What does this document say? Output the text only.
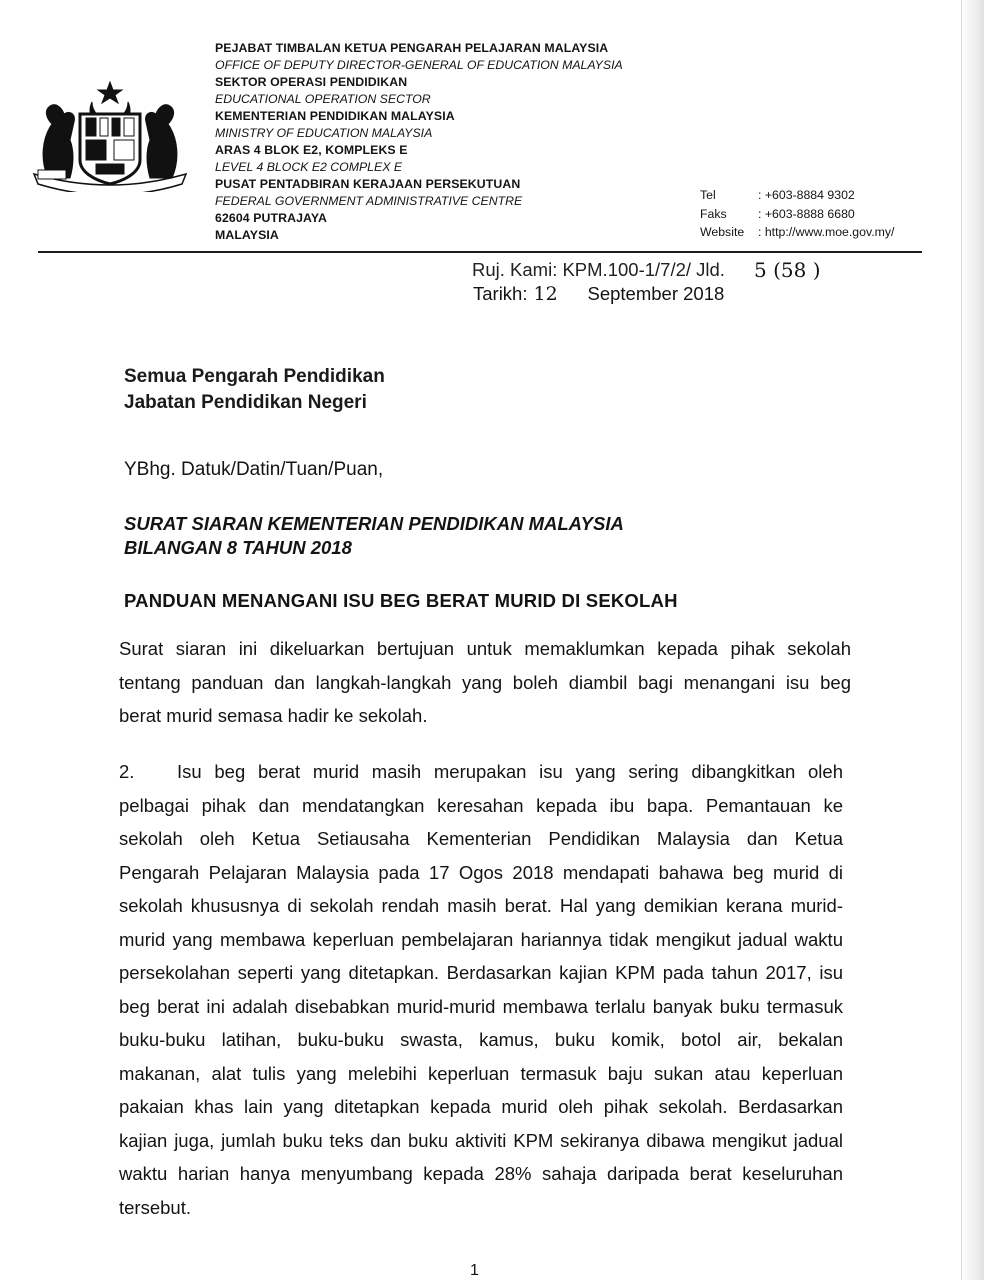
PEJABAT TIMBALAN KETUA PENGARAH PELAJARAN MALAYSIA
OFFICE OF DEPUTY DIRECTOR-GENERAL OF EDUCATION MALAYSIA
SEKTOR OPERASI PENDIDIKAN
EDUCATIONAL OPERATION SECTOR
KEMENTERIAN PENDIDIKAN MALAYSIA
MINISTRY OF EDUCATION MALAYSIA
ARAS 4 BLOK E2, KOMPLEKS E
LEVEL 4 BLOCK E2 COMPLEX E
PUSAT PENTADBIRAN KERAJAAN PERSEKUTUAN
FEDERAL GOVERNMENT ADMINISTRATIVE CENTRE
62604 PUTRAJAYA
MALAYSIA
Tel	: +603-8884 9302
Faks	: +603-8888 6680
Website	: http://www.moe.gov.my/
Ruj. Kami: KPM.100-1/7/2/ Jld. 5 (58 )
Tarikh: 12 September 2018
Semua Pengarah Pendidikan
Jabatan Pendidikan Negeri
YBhg. Datuk/Datin/Tuan/Puan,
SURAT SIARAN KEMENTERIAN PENDIDIKAN MALAYSIA
BILANGAN 8 TAHUN 2018
PANDUAN MENANGANI ISU BEG BERAT MURID DI SEKOLAH
Surat siaran ini dikeluarkan bertujuan untuk memaklumkan kepada pihak sekolah
tentang panduan dan langkah-langkah yang boleh diambil bagi menangani isu beg
berat murid semasa hadir ke sekolah.
2.	Isu beg berat murid masih merupakan isu yang sering dibangkitkan oleh
pelbagai pihak dan mendatangkan keresahan kepada ibu bapa. Pemantauan ke
sekolah oleh Ketua Setiausaha Kementerian Pendidikan Malaysia dan Ketua
Pengarah Pelajaran Malaysia pada 17 Ogos 2018 mendapati bahawa beg murid di
sekolah khususnya di sekolah rendah masih berat. Hal yang demikian kerana murid-
murid yang membawa keperluan pembelajaran hariannya tidak mengikut jadual waktu
persekolahan seperti yang ditetapkan. Berdasarkan kajian KPM pada tahun 2017, isu
beg berat ini adalah disebabkan murid-murid membawa terlalu banyak buku termasuk
buku-buku latihan, buku-buku swasta, kamus, buku komik, botol air, bekalan
makanan, alat tulis yang melebihi keperluan termasuk baju sukan atau keperluan
pakaian khas lain yang ditetapkan kepada murid oleh pihak sekolah. Berdasarkan
kajian juga, jumlah buku teks dan buku aktiviti KPM sekiranya dibawa mengikut jadual
waktu harian hanya menyumbang kepada 28% sahaja daripada berat keseluruhan
tersebut.
1
